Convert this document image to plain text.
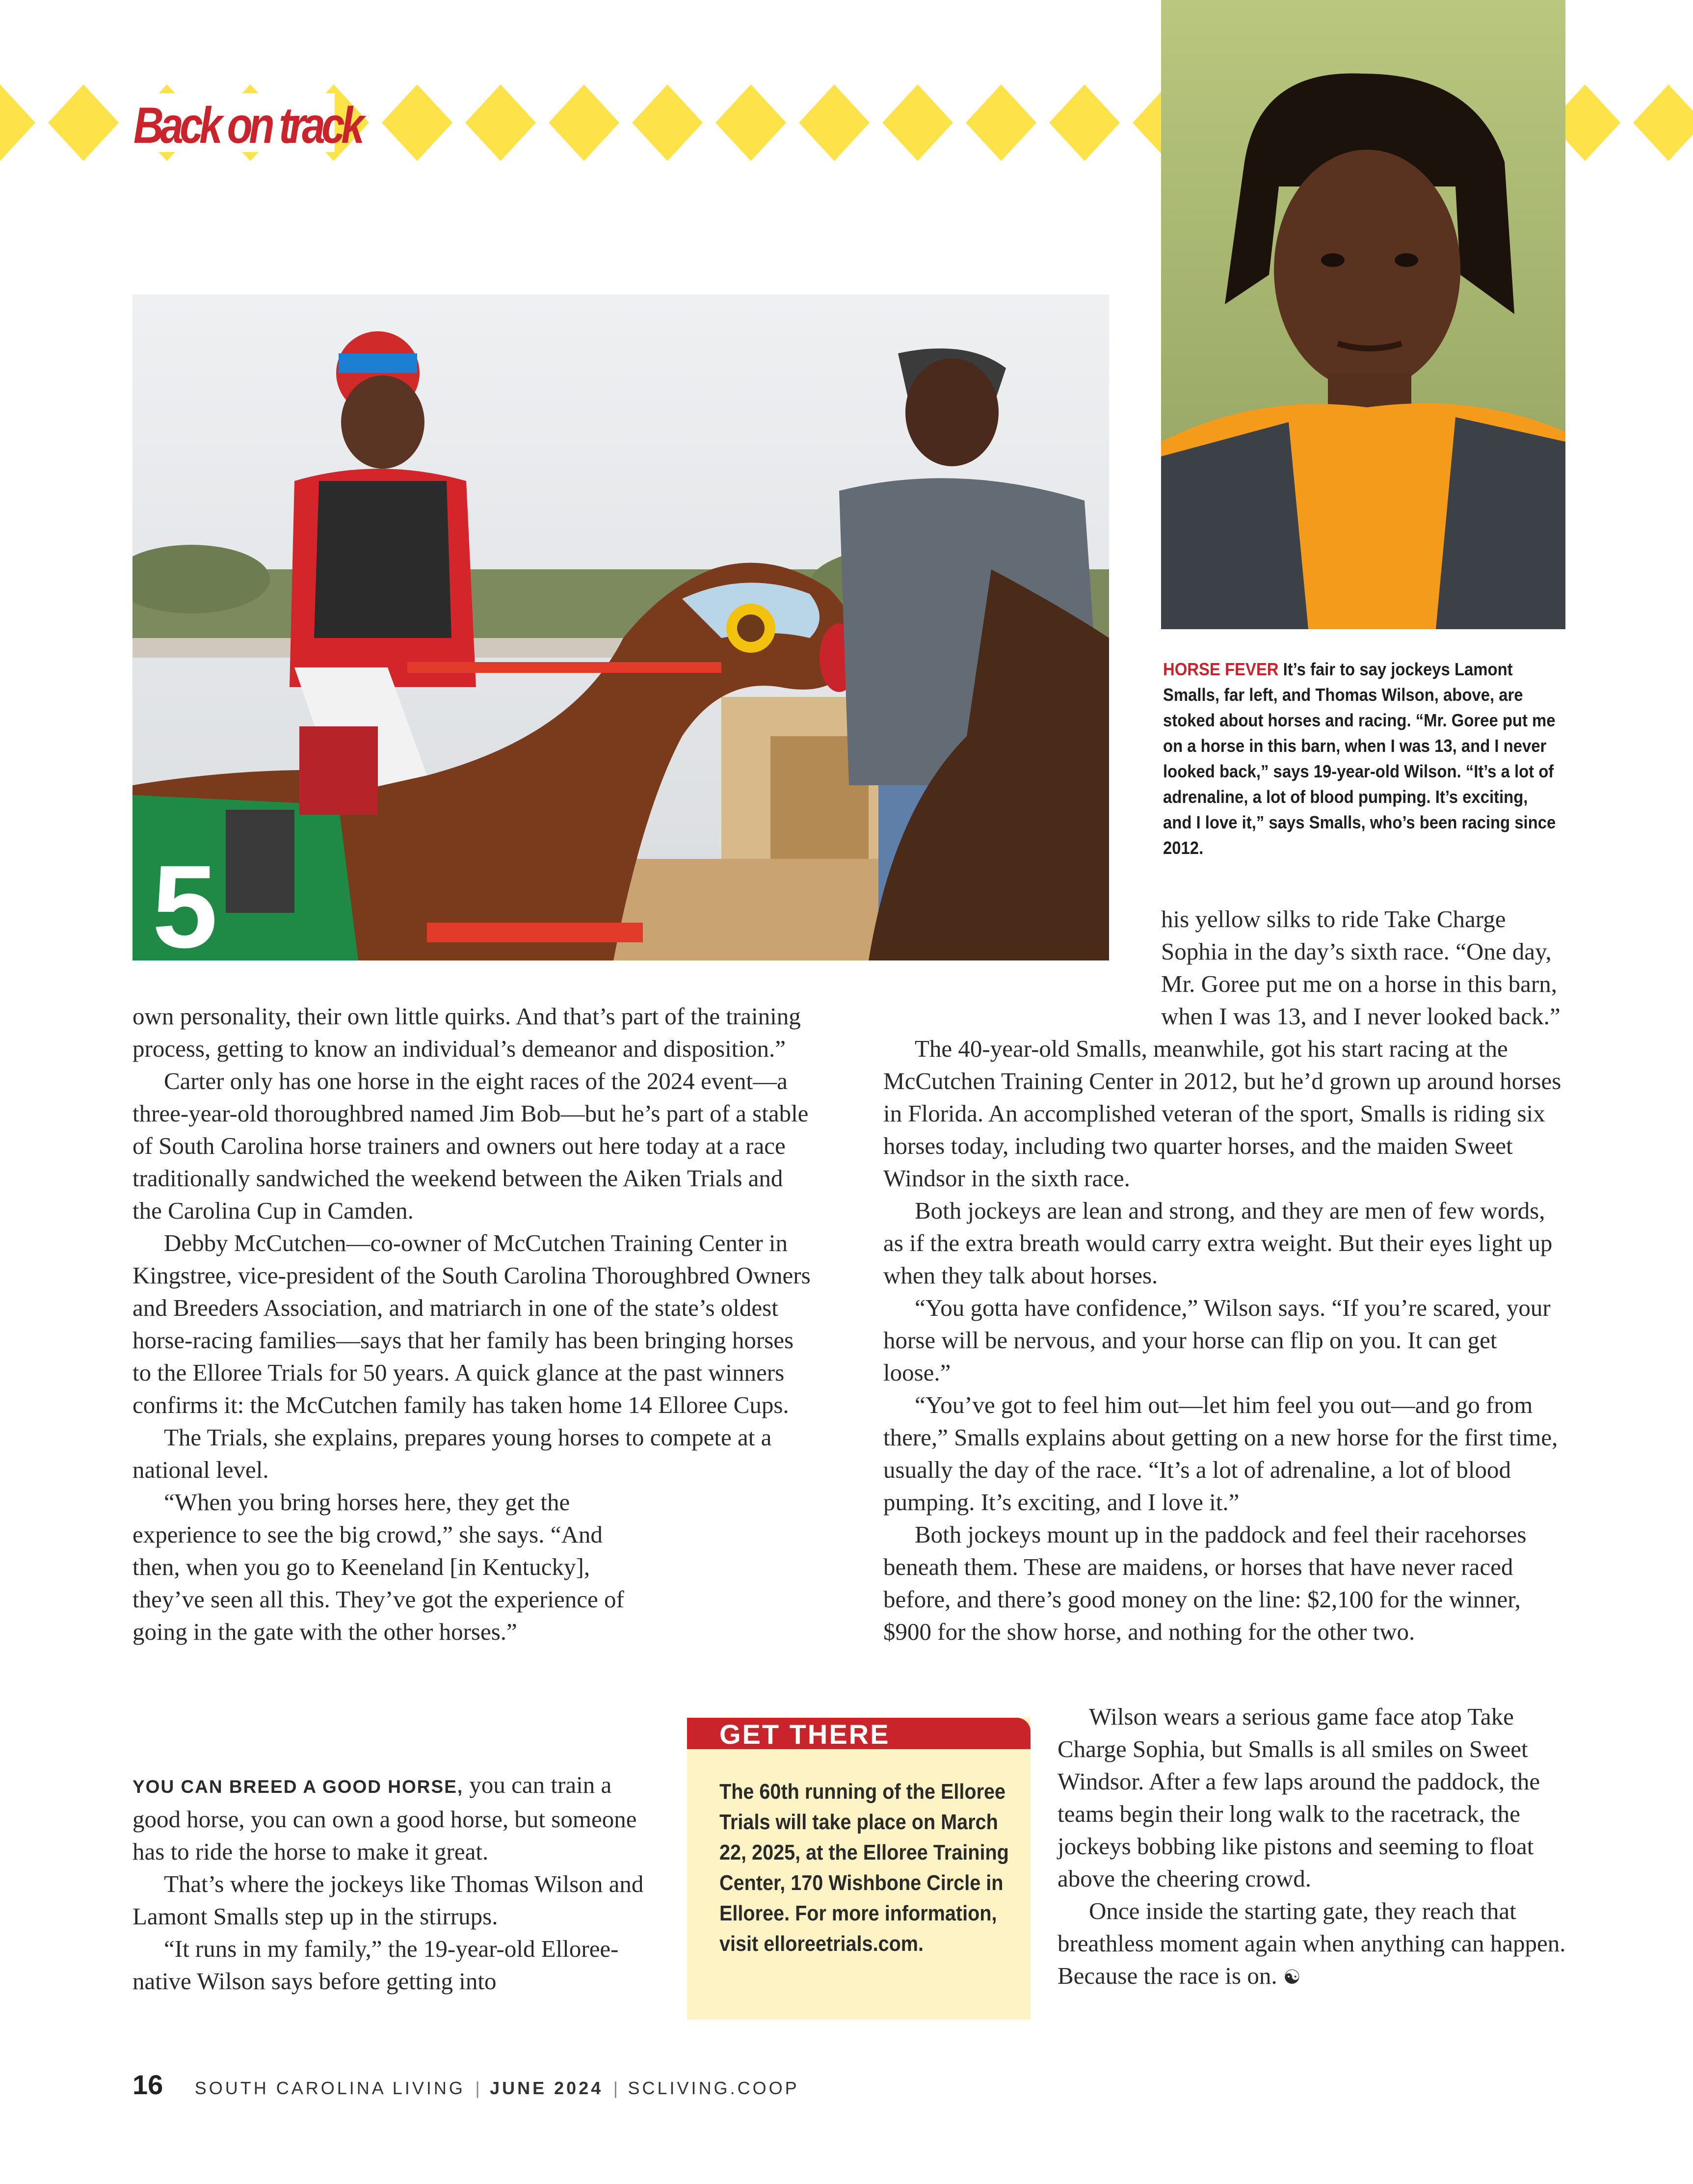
Back on track
5

HORSE FEVER It’s fair to say jockeys Lamont Smalls, far left, and Thomas Wilson, above, are stoked about horses and racing. “Mr. Goree put me on a horse in this barn, when I was 13, and I never looked back,” says 19-year-old Wilson. “It’s a lot of adrenaline, a lot of blood pumping. It’s exciting, and I love it,” says Smalls, who’s been racing since 2012.

own personality, their own little quirks. And that’s part of the training process, getting to know an individual’s demeanor and disposition.”

Carter only has one horse in the eight races of the 2024 event—a three-year-old thoroughbred named Jim Bob—but he’s part of a stable of South Carolina horse trainers and owners out here today at a race traditionally sandwiched the weekend between the Aiken Trials and the Carolina Cup in Camden.

Debby McCutchen—co-owner of McCutchen Training Center in Kingstree, vice-president of the South Carolina Thoroughbred Owners and Breeders Association, and matriarch in one of the state’s oldest horse-racing families—says that her family has been bringing horses to the Elloree Trials for 50 years. A quick glance at the past winners confirms it: the McCutchen family has taken home 14 Elloree Cups.

The Trials, she explains, prepares young horses to compete at a national level.

“When you bring horses here, they get the experience to see the big crowd,” she says. “And then, when you go to Keeneland [in Kentucky], they’ve seen all this. They’ve got the experience of going in the gate with the other horses.”

YOU CAN BREED A GOOD HORSE, you can train a good horse, you can own a good horse, but someone has to ride the horse to make it great.

That’s where the jockeys like Thomas Wilson and Lamont Smalls step up in the stirrups.

“It runs in my family,” the 19-year-old Elloree-native Wilson says before getting into

his yellow silks to ride Take Charge Sophia in the day’s sixth race. “One day, Mr. Goree put me on a horse in this barn, when I was 13, and I never looked back.”

The 40-year-old Smalls, meanwhile, got his start racing at the McCutchen Training Center in 2012, but he’d grown up around horses in Florida. An accomplished veteran of the sport, Smalls is riding six horses today, including two quarter horses, and the maiden Sweet Windsor in the sixth race.

Both jockeys are lean and strong, and they are men of few words, as if the extra breath would carry extra weight. But their eyes light up when they talk about horses.

“You gotta have confidence,” Wilson says. “If you’re scared, your horse will be nervous, and your horse can flip on you. It can get loose.”

“You’ve got to feel him out—let him feel you out—and go from there,” Smalls explains about getting on a new horse for the first time, usually the day of the race. “It’s a lot of adrenaline, a lot of blood pumping. It’s exciting, and I love it.”

Both jockeys mount up in the paddock and feel their racehorses beneath them. These are maidens, or horses that have never raced before, and there’s good money on the line: $2,100 for the winner, $900 for the show horse, and nothing for the other two.

Wilson wears a serious game face atop Take Charge Sophia, but Smalls is all smiles on Sweet Windsor. After a few laps around the paddock, the teams begin their long walk to the racetrack, the jockeys bobbing like pistons and seeming to float above the cheering crowd.

Once inside the starting gate, they reach that breathless moment again when anything can happen. Because the race is on. ☯

GET THERE

The 60th running of the Elloree Trials will take place on March 22, 2025, at the Elloree Training Center, 170 Wishbone Circle in Elloree. For more information, visit elloreetrials.com.

16 SOUTH CAROLINA LIVING | JUNE 2024 | SCLIVING.COOP
